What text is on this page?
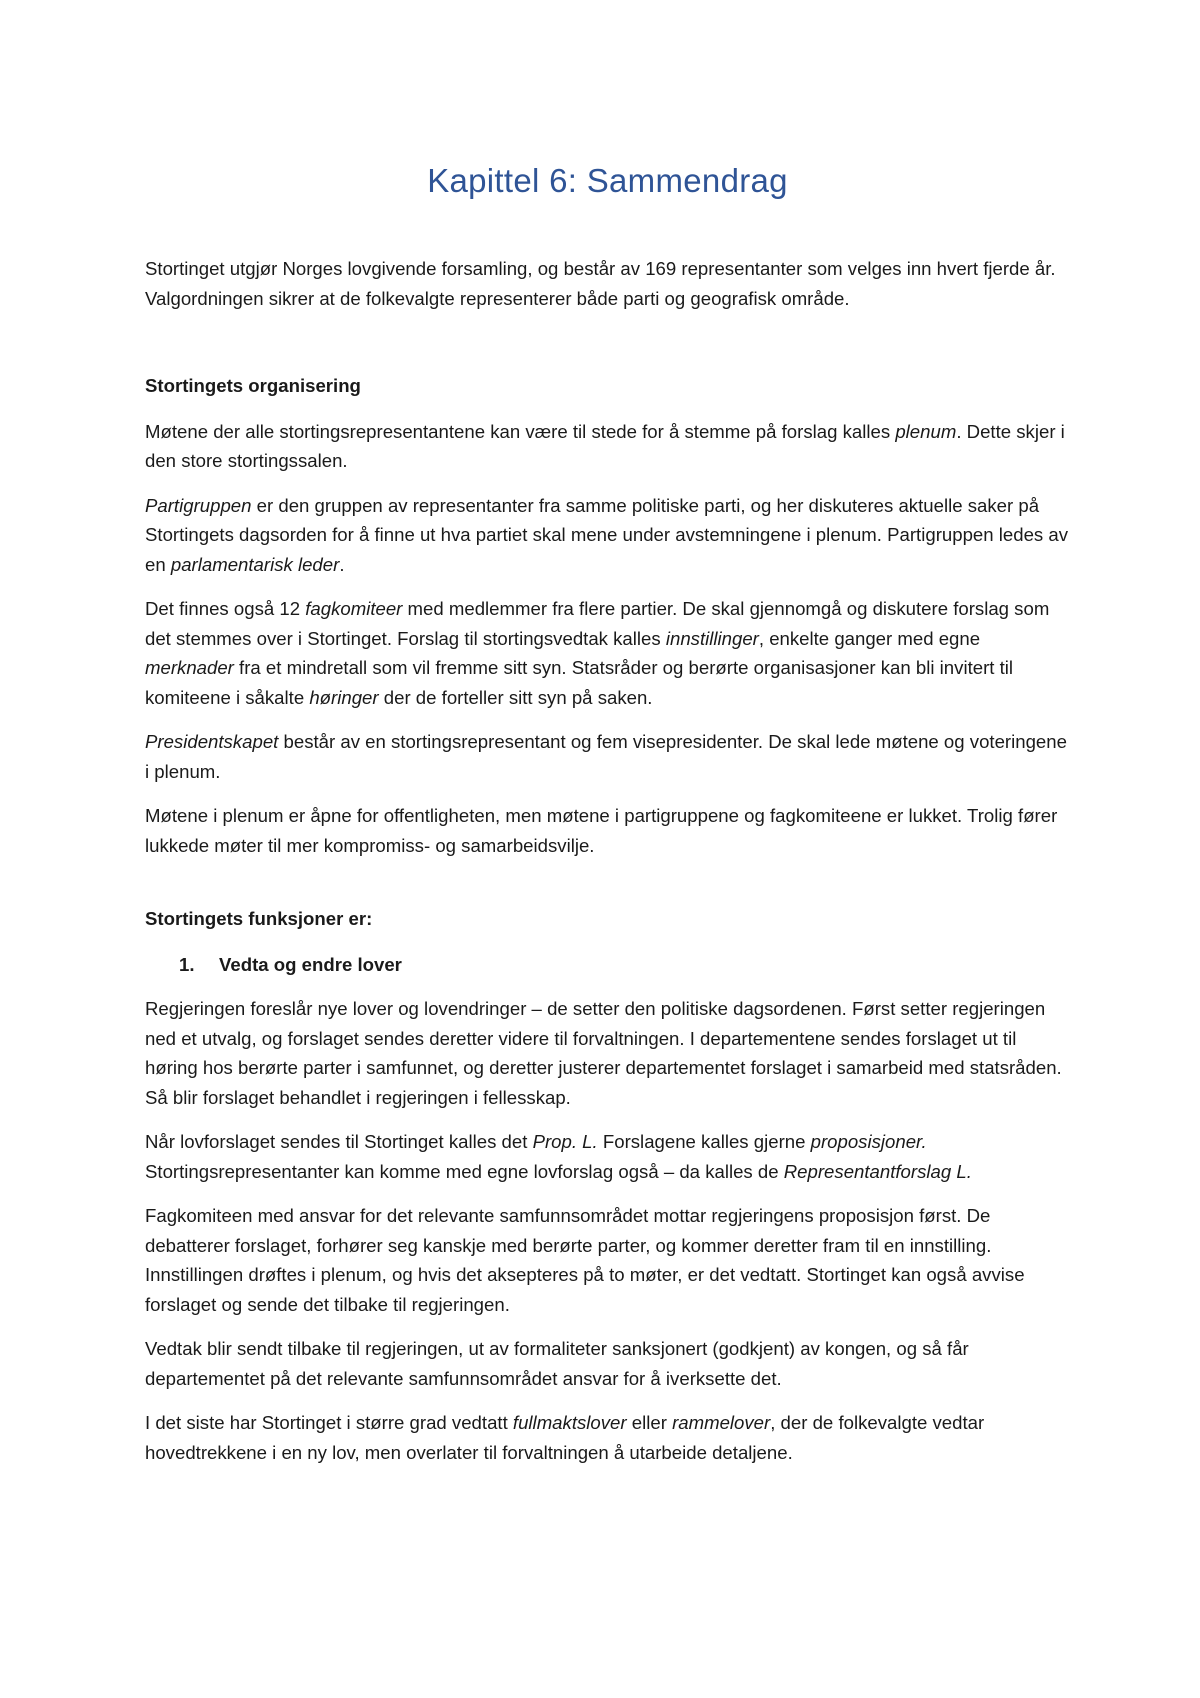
Kapittel 6: Sammendrag

Stortinget utgjør Norges lovgivende forsamling, og består av 169 representanter som velges inn hvert fjerde år. Valgordningen sikrer at de folkevalgte representerer både parti og geografisk område.

Stortingets organisering

Møtene der alle stortingsrepresentantene kan være til stede for å stemme på forslag kalles plenum. Dette skjer i den store stortingssalen.

Partigruppen er den gruppen av representanter fra samme politiske parti, og her diskuteres aktuelle saker på Stortingets dagsorden for å finne ut hva partiet skal mene under avstemningene i plenum. Partigruppen ledes av en parlamentarisk leder.

Det finnes også 12 fagkomiteer med medlemmer fra flere partier. De skal gjennomgå og diskutere forslag som det stemmes over i Stortinget. Forslag til stortingsvedtak kalles innstillinger, enkelte ganger med egne merknader fra et mindretall som vil fremme sitt syn. Statsråder og berørte organisasjoner kan bli invitert til komiteene i såkalte høringer der de forteller sitt syn på saken.

Presidentskapet består av en stortingsrepresentant og fem visepresidenter. De skal lede møtene og voteringene i plenum.

Møtene i plenum er åpne for offentligheten, men møtene i partigruppene og fagkomiteene er lukket. Trolig fører lukkede møter til mer kompromiss- og samarbeidsvilje.

Stortingets funksjoner er:

1. Vedta og endre lover

Regjeringen foreslår nye lover og lovendringer – de setter den politiske dagsordenen. Først setter regjeringen ned et utvalg, og forslaget sendes deretter videre til forvaltningen. I departementene sendes forslaget ut til høring hos berørte parter i samfunnet, og deretter justerer departementet forslaget i samarbeid med statsråden. Så blir forslaget behandlet i regjeringen i fellesskap.

Når lovforslaget sendes til Stortinget kalles det Prop. L. Forslagene kalles gjerne proposisjoner. Stortingsrepresentanter kan komme med egne lovforslag også – da kalles de Representantforslag L.

Fagkomiteen med ansvar for det relevante samfunnsområdet mottar regjeringens proposisjon først. De debatterer forslaget, forhører seg kanskje med berørte parter, og kommer deretter fram til en innstilling. Innstillingen drøftes i plenum, og hvis det aksepteres på to møter, er det vedtatt. Stortinget kan også avvise forslaget og sende det tilbake til regjeringen.

Vedtak blir sendt tilbake til regjeringen, ut av formaliteter sanksjonert (godkjent) av kongen, og så får departementet på det relevante samfunnsområdet ansvar for å iverksette det.

I det siste har Stortinget i større grad vedtatt fullmaktslover eller rammelover, der de folkevalgte vedtar hovedtrekkene i en ny lov, men overlater til forvaltningen å utarbeide detaljene.
